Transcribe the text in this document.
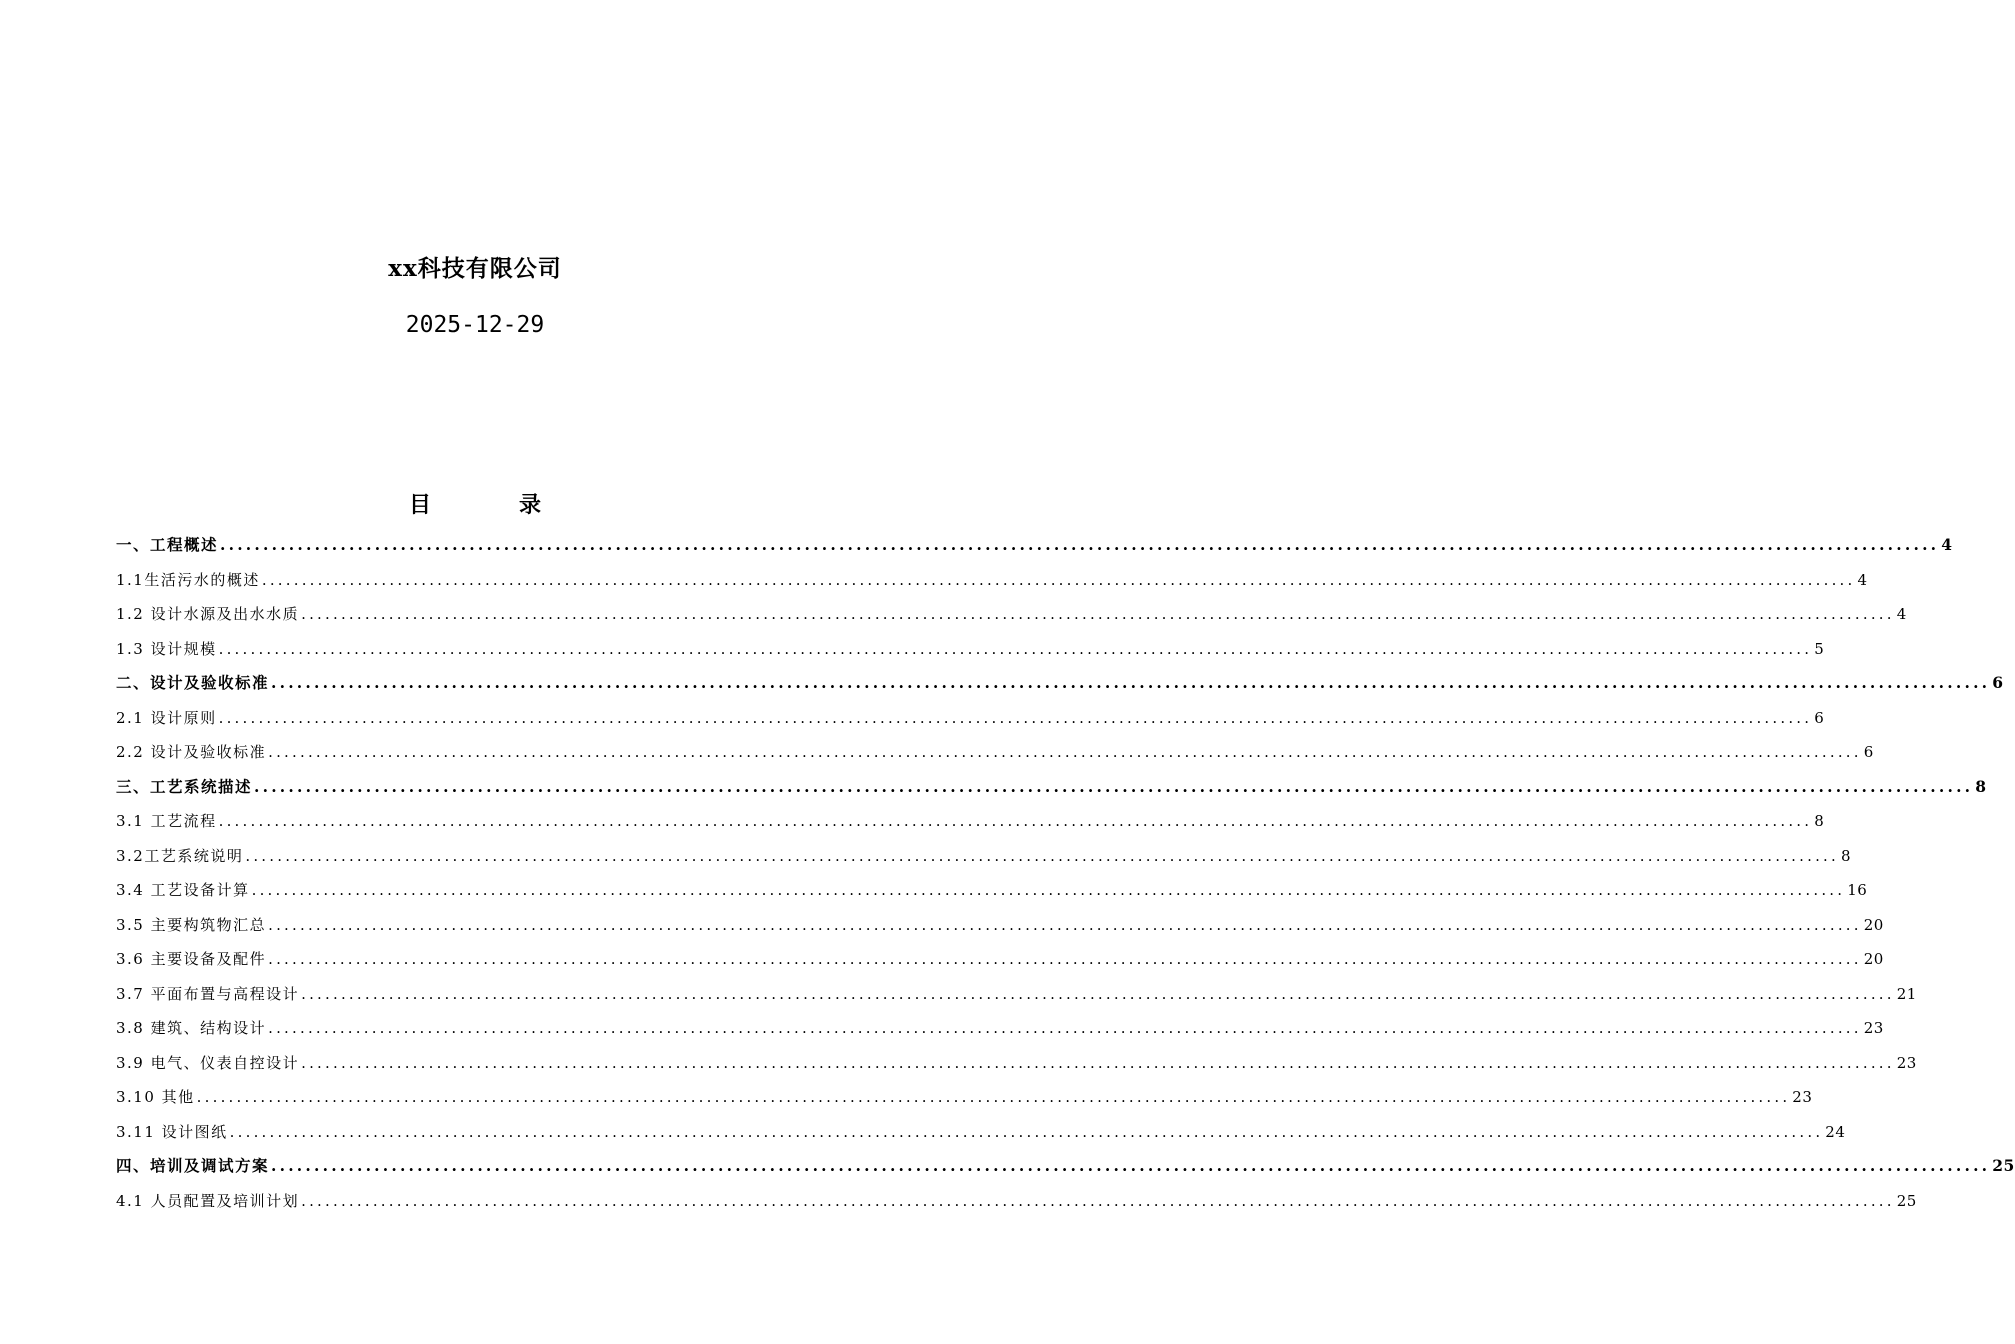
xx科技有限公司
2025-12-29
目	录
一、工程概述 ........................................................................................................................................................................................................ 4
1.1生活污水的概述 ........................................................................................................................................................................................................ 4
1.2 设计水源及出水水质 ........................................................................................................................................................................................................ 4
1.3 设计规模 ........................................................................................................................................................................................................ 5
二、设计及验收标准 ........................................................................................................................................................................................................ 6
2.1 设计原则 ........................................................................................................................................................................................................ 6
2.2 设计及验收标准 ........................................................................................................................................................................................................ 6
三、工艺系统描述 ........................................................................................................................................................................................................ 8
3.1 工艺流程 ........................................................................................................................................................................................................ 8
3.2工艺系统说明 ........................................................................................................................................................................................................ 8
3.4 工艺设备计算 ........................................................................................................................................................................................................ 16
3.5 主要构筑物汇总 ........................................................................................................................................................................................................ 20
3.6 主要设备及配件 ........................................................................................................................................................................................................ 20
3.7 平面布置与高程设计 ........................................................................................................................................................................................................ 21
3.8 建筑、结构设计 ........................................................................................................................................................................................................ 23
3.9 电气、仪表自控设计 ........................................................................................................................................................................................................ 23
3.10 其他 ........................................................................................................................................................................................................ 23
3.11 设计图纸 ........................................................................................................................................................................................................ 24
四、培训及调试方案 ........................................................................................................................................................................................................ 25
4.1 人员配置及培训计划 ........................................................................................................................................................................................................ 25
